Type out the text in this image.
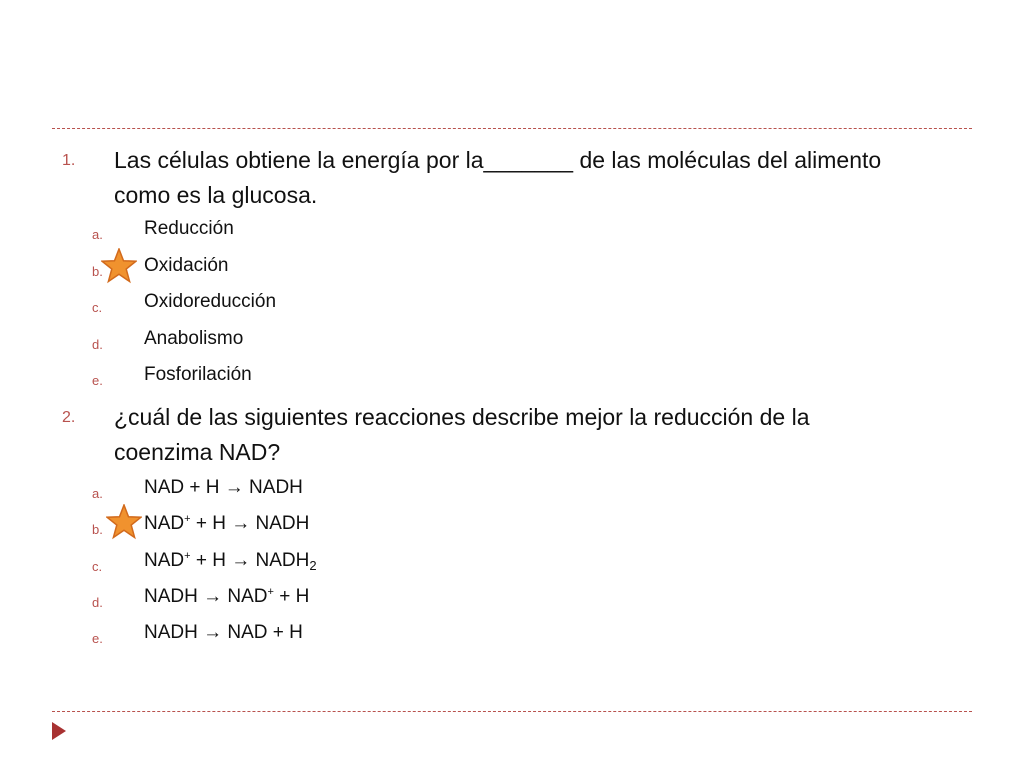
1. Las células obtiene la energía por la_______ de las moléculas del alimento como es la glucosa.
a. Reducción
b. Oxidación
c. Oxidoreducción
d. Anabolismo
e. Fosforilación
2. ¿cuál de las siguientes reacciones describe mejor la reducción de la coenzima NAD?
a. NAD + H → NADH
b. NAD+ + H → NADH
c. $NAD^+ + H \to NADH_2$
d. NADH → NAD+ + H
e. NADH → NAD + H
